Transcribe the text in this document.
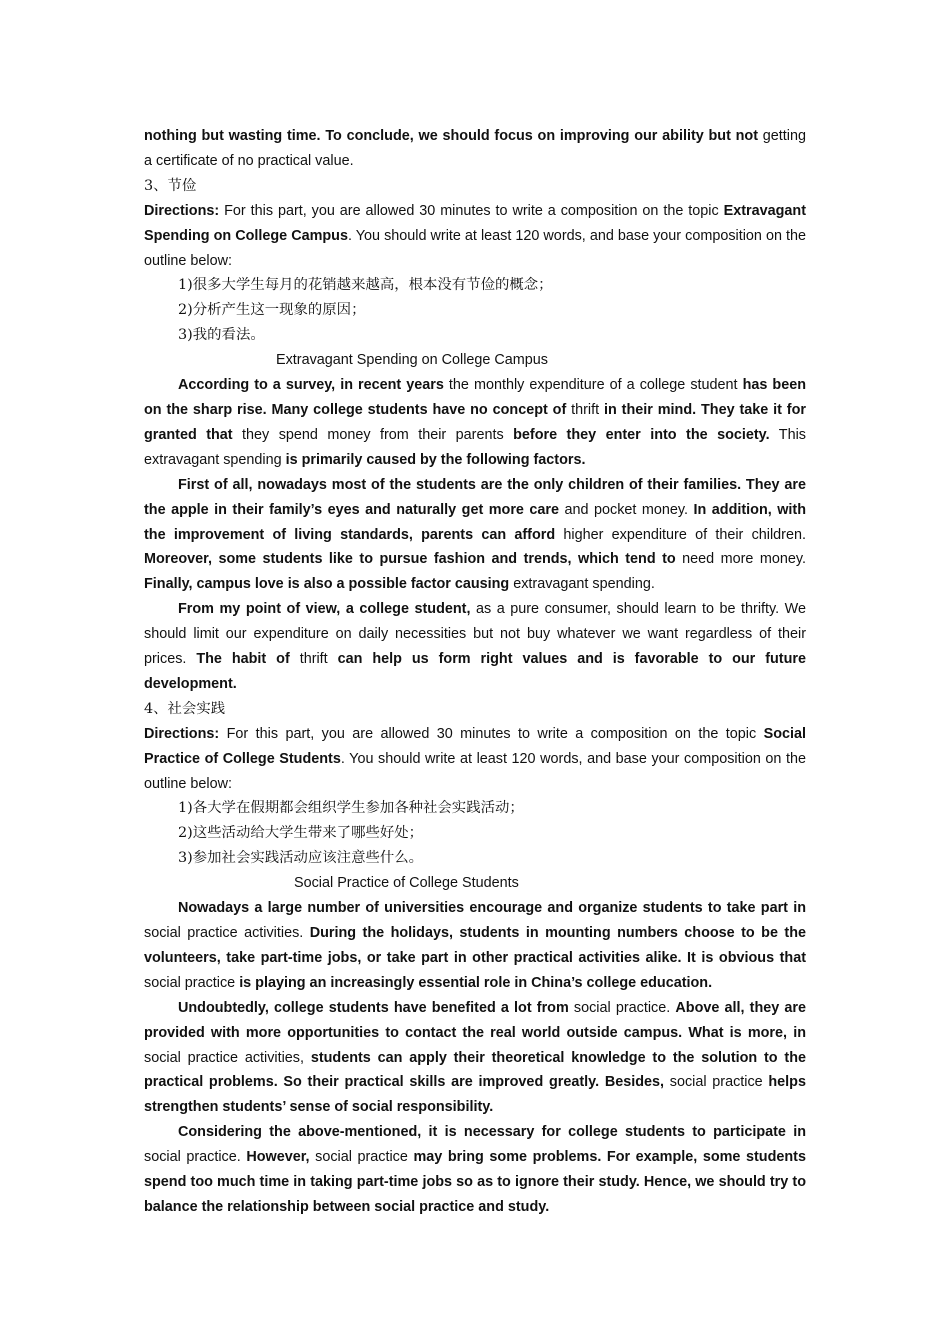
nothing but wasting time. To conclude, we should focus on improving our ability but not getting a certificate of no practical value.

3、节俭

Directions: For this part, you are allowed 30 minutes to write a composition on the topic Extravagant Spending on College Campus. You should write at least 120 words, and base your composition on the outline below:

1)很多大学生每月的花销越来越高，根本没有节俭的概念；

2)分析产生这一现象的原因；

3)我的看法。

Extravagant Spending on College Campus

According to a survey, in recent years the monthly expenditure of a college student has been on the sharp rise. Many college students have no concept of thrift in their mind. They take it for granted that they spend money from their parents before they enter into the society. This extravagant spending is primarily caused by the following factors.

First of all, nowadays most of the students are the only children of their families. They are the apple in their family’s eyes and naturally get more care and pocket money. In addition, with the improvement of living standards, parents can afford higher expenditure of their children. Moreover, some students like to pursue fashion and trends, which tend to need more money. Finally, campus love is also a possible factor causing extravagant spending.

From my point of view, a college student, as a pure consumer, should learn to be thrifty. We should limit our expenditure on daily necessities but not buy whatever we want regardless of their prices. The habit of thrift can help us form right values and is favorable to our future development.

4、社会实践

Directions: For this part, you are allowed 30 minutes to write a composition on the topic Social Practice of College Students. You should write at least 120 words, and base your composition on the outline below:

1)各大学在假期都会组织学生参加各种社会实践活动；

2)这些活动给大学生带来了哪些好处；

3)参加社会实践活动应该注意些什么。

Social Practice of College Students

Nowadays a large number of universities encourage and organize students to take part in social practice activities. During the holidays, students in mounting numbers choose to be the volunteers, take part-time jobs, or take part in other practical activities alike. It is obvious that social practice is playing an increasingly essential role in China’s college education.

Undoubtedly, college students have benefited a lot from social practice. Above all, they are provided with more opportunities to contact the real world outside campus. What is more, in social practice activities, students can apply their theoretical knowledge to the solution to the practical problems. So their practical skills are improved greatly. Besides, social practice helps strengthen students’ sense of social responsibility.

Considering the above-mentioned, it is necessary for college students to participate in social practice. However, social practice may bring some problems. For example, some students spend too much time in taking part-time jobs so as to ignore their study. Hence, we should try to balance the relationship between social practice and study.
